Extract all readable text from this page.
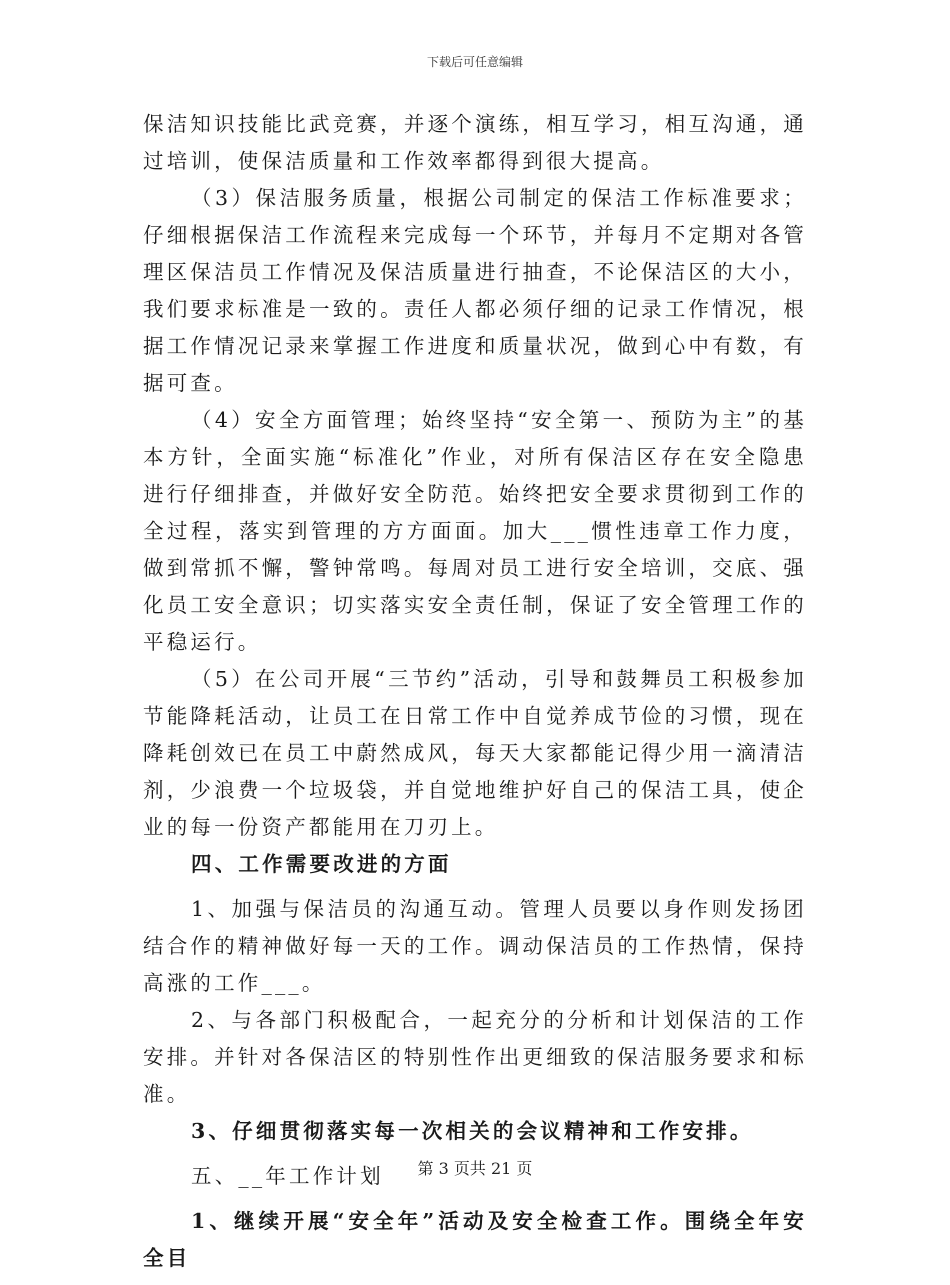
下载后可任意编辑

保洁知识技能比武竞赛，并逐个演练，相互学习，相互沟通，通过培训，使保洁质量和工作效率都得到很大提高。

（3）保洁服务质量，根据公司制定的保洁工作标准要求；仔细根据保洁工作流程来完成每一个环节，并每月不定期对各管理区保洁员工作情况及保洁质量进行抽查，不论保洁区的大小，我们要求标准是一致的。责任人都必须仔细的记录工作情况，根据工作情况记录来掌握工作进度和质量状况，做到心中有数，有据可查。

（4）安全方面管理；始终坚持“安全第一、预防为主”的基本方针，全面实施“标准化”作业，对所有保洁区存在安全隐患进行仔细排查，并做好安全防范。始终把安全要求贯彻到工作的全过程，落实到管理的方方面面。加大___惯性违章工作力度，做到常抓不懈，警钟常鸣。每周对员工进行安全培训，交底、强化员工安全意识；切实落实安全责任制，保证了安全管理工作的平稳运行。

（5）在公司开展“三节约”活动，引导和鼓舞员工积极参加节能降耗活动，让员工在日常工作中自觉养成节俭的习惯，现在降耗创效已在员工中蔚然成风，每天大家都能记得少用一滴清洁剂，少浪费一个垃圾袋，并自觉地维护好自己的保洁工具，使企业的每一份资产都能用在刀刃上。

四、工作需要改进的方面

1、加强与保洁员的沟通互动。管理人员要以身作则发扬团结合作的精神做好每一天的工作。调动保洁员的工作热情，保持高涨的工作___。

2、与各部门积极配合，一起充分的分析和计划保洁的工作安排。并针对各保洁区的特别性作出更细致的保洁服务要求和标准。

3、仔细贯彻落实每一次相关的会议精神和工作安排。

五、__年工作计划

1、继续开展“安全年”活动及安全检查工作。围绕全年安全目

第 3 页共 21 页
